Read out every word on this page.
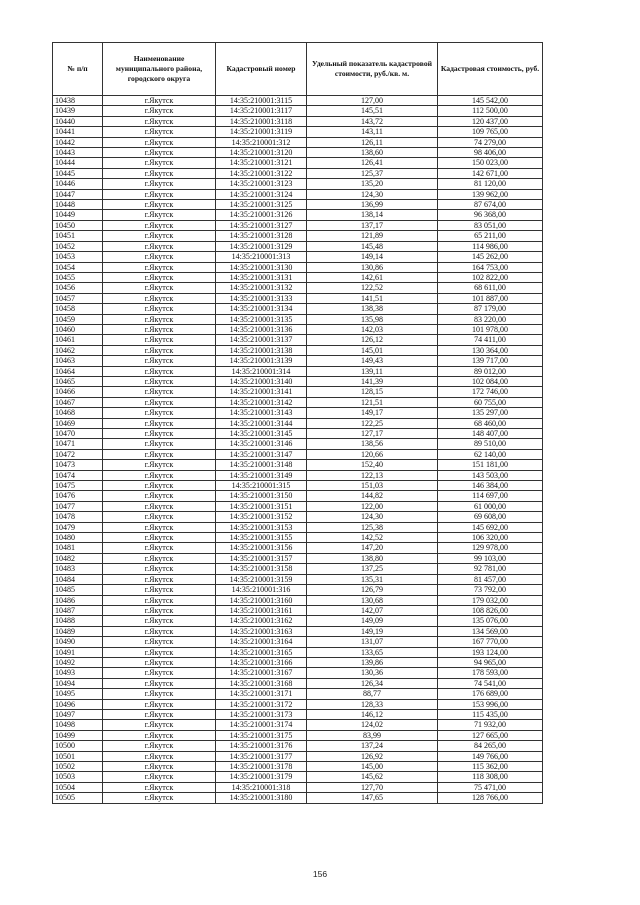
№ п/п	Наименование муниципального района, городского округа	Кадастровый номер	Удельный показатель кадастровой стоимости, руб./кв. м.	Кадастровая стоимость, руб.
10438	г.Якутск	14:35:210001:3115	127,00	145 542,00
10439	г.Якутск	14:35:210001:3117	145,51	112 500,00
10440	г.Якутск	14:35:210001:3118	143,72	120 437,00
10441	г.Якутск	14:35:210001:3119	143,11	109 765,00
10442	г.Якутск	14:35:210001:312	126,11	74 279,00
10443	г.Якутск	14:35:210001:3120	138,60	98 406,00
10444	г.Якутск	14:35:210001:3121	126,41	150 023,00
10445	г.Якутск	14:35:210001:3122	125,37	142 671,00
10446	г.Якутск	14:35:210001:3123	135,20	81 120,00
10447	г.Якутск	14:35:210001:3124	124,30	139 962,00
10448	г.Якутск	14:35:210001:3125	136,99	87 674,00
10449	г.Якутск	14:35:210001:3126	138,14	96 368,00
10450	г.Якутск	14:35:210001:3127	137,17	83 051,00
10451	г.Якутск	14:35:210001:3128	121,89	65 211,00
10452	г.Якутск	14:35:210001:3129	145,48	114 986,00
10453	г.Якутск	14:35:210001:313	149,14	145 262,00
10454	г.Якутск	14:35:210001:3130	130,86	164 753,00
10455	г.Якутск	14:35:210001:3131	142,61	102 822,00
10456	г.Якутск	14:35:210001:3132	122,52	68 611,00
10457	г.Якутск	14:35:210001:3133	141,51	101 887,00
10458	г.Якутск	14:35:210001:3134	138,38	87 179,00
10459	г.Якутск	14:35:210001:3135	135,98	83 220,00
10460	г.Якутск	14:35:210001:3136	142,03	101 978,00
10461	г.Якутск	14:35:210001:3137	126,12	74 411,00
10462	г.Якутск	14:35:210001:3138	145,01	130 364,00
10463	г.Якутск	14:35:210001:3139	149,43	139 717,00
10464	г.Якутск	14:35:210001:314	139,11	89 012,00
10465	г.Якутск	14:35:210001:3140	141,39	102 084,00
10466	г.Якутск	14:35:210001:3141	128,15	172 746,00
10467	г.Якутск	14:35:210001:3142	121,51	60 755,00
10468	г.Якутск	14:35:210001:3143	149,17	135 297,00
10469	г.Якутск	14:35:210001:3144	122,25	68 460,00
10470	г.Якутск	14:35:210001:3145	127,17	148 407,00
10471	г.Якутск	14:35:210001:3146	138,56	89 510,00
10472	г.Якутск	14:35:210001:3147	120,66	62 140,00
10473	г.Якутск	14:35:210001:3148	152,40	151 181,00
10474	г.Якутск	14:35:210001:3149	122,13	143 503,00
10475	г.Якутск	14:35:210001:315	151,03	146 384,00
10476	г.Якутск	14:35:210001:3150	144,82	114 697,00
10477	г.Якутск	14:35:210001:3151	122,00	61 000,00
10478	г.Якутск	14:35:210001:3152	124,30	69 608,00
10479	г.Якутск	14:35:210001:3153	125,38	145 692,00
10480	г.Якутск	14:35:210001:3155	142,52	106 320,00
10481	г.Якутск	14:35:210001:3156	147,20	129 978,00
10482	г.Якутск	14:35:210001:3157	138,80	99 103,00
10483	г.Якутск	14:35:210001:3158	137,25	92 781,00
10484	г.Якутск	14:35:210001:3159	135,31	81 457,00
10485	г.Якутск	14:35:210001:316	126,79	73 792,00
10486	г.Якутск	14:35:210001:3160	130,68	179 032,00
10487	г.Якутск	14:35:210001:3161	142,07	108 826,00
10488	г.Якутск	14:35:210001:3162	149,09	135 076,00
10489	г.Якутск	14:35:210001:3163	149,19	134 569,00
10490	г.Якутск	14:35:210001:3164	131,07	167 770,00
10491	г.Якутск	14:35:210001:3165	133,65	193 124,00
10492	г.Якутск	14:35:210001:3166	139,86	94 965,00
10493	г.Якутск	14:35:210001:3167	130,36	178 593,00
10494	г.Якутск	14:35:210001:3168	126,34	74 541,00
10495	г.Якутск	14:35:210001:3171	88,77	176 689,00
10496	г.Якутск	14:35:210001:3172	128,33	153 996,00
10497	г.Якутск	14:35:210001:3173	146,12	115 435,00
10498	г.Якутск	14:35:210001:3174	124,02	71 932,00
10499	г.Якутск	14:35:210001:3175	83,99	127 665,00
10500	г.Якутск	14:35:210001:3176	137,24	84 265,00
10501	г.Якутск	14:35:210001:3177	126,92	149 766,00
10502	г.Якутск	14:35:210001:3178	145,00	115 362,00
10503	г.Якутск	14:35:210001:3179	145,62	118 308,00
10504	г.Якутск	14:35:210001:318	127,70	75 471,00
10505	г.Якутск	14:35:210001:3180	147,65	128 766,00
156
